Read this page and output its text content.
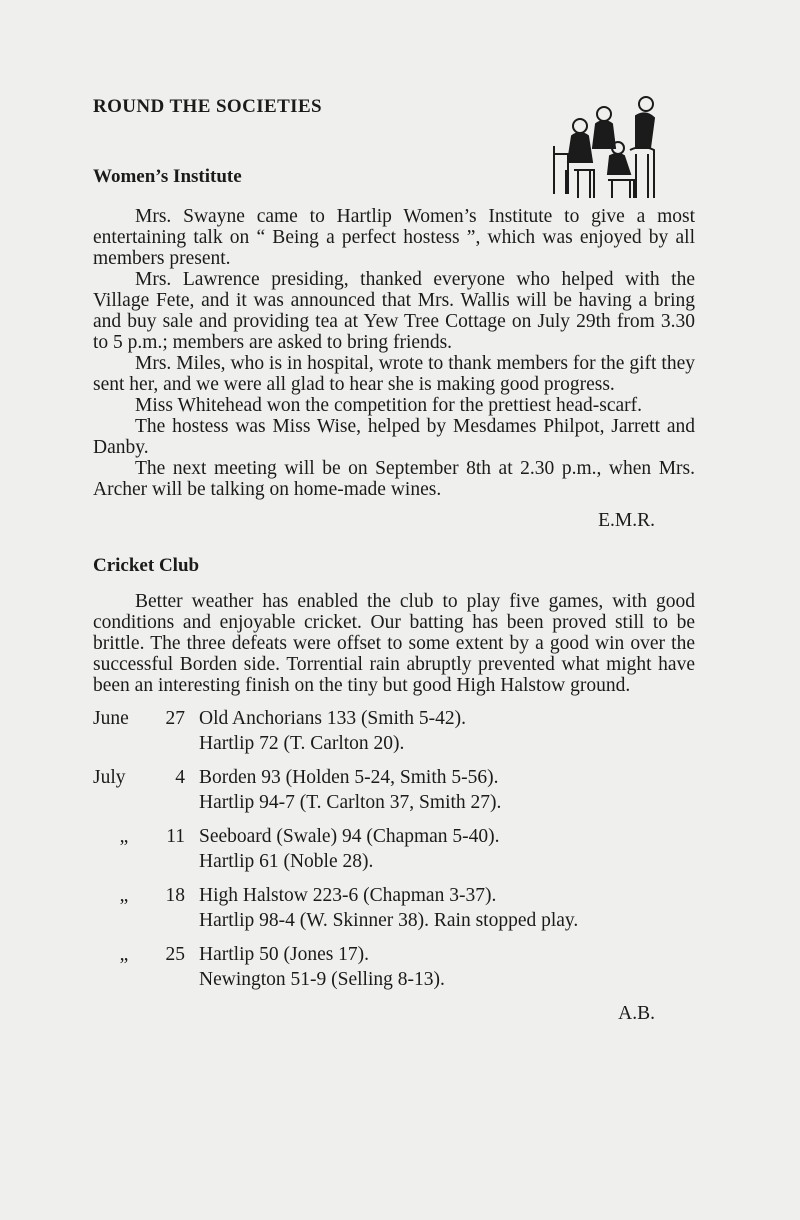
ROUND THE SOCIETIES
Women’s Institute

Mrs. Swayne came to Hartlip Women’s Institute to give a most entertaining talk on “ Being a perfect hostess ”, which was enjoyed by all members present.

Mrs. Lawrence presiding, thanked everyone who helped with the Village Fete, and it was announced that Mrs. Wallis will be having a bring and buy sale and providing tea at Yew Tree Cottage on July 29th from 3.30 to 5 p.m.; members are asked to bring friends.

Mrs. Miles, who is in hospital, wrote to thank members for the gift they sent her, and we were all glad to hear she is making good progress.

Miss Whitehead won the competition for the prettiest head-scarf.

The hostess was Miss Wise, helped by Mesdames Philpot, Jarrett and Danby.

The next meeting will be on September 8th at 2.30 p.m., when Mrs. Archer will be talking on home-made wines.

E.M.R.

Cricket Club

Better weather has enabled the club to play five games, with good conditions and enjoyable cricket. Our batting has been proved still to be brittle. The three defeats were offset to some extent by a good win over the successful Borden side. Torrential rain abruptly prevented what might have been an interesting finish on the tiny but good High Halstow ground.

June	27 Old Anchorians 133 (Smith 5-42).
Hartlip 72 (T. Carlton 20).
July	4 Borden 93 (Holden 5-24, Smith 5-56).
Hartlip 94-7 (T. Carlton 37, Smith 27).
„	11 Seeboard (Swale) 94 (Chapman 5-40).
Hartlip 61 (Noble 28).
„	18 High Halstow 223-6 (Chapman 3-37).
Hartlip 98-4 (W. Skinner 38). Rain stopped play.
„	25 Hartlip 50 (Jones 17).
Newington 51-9 (Selling 8-13).

A.B.
